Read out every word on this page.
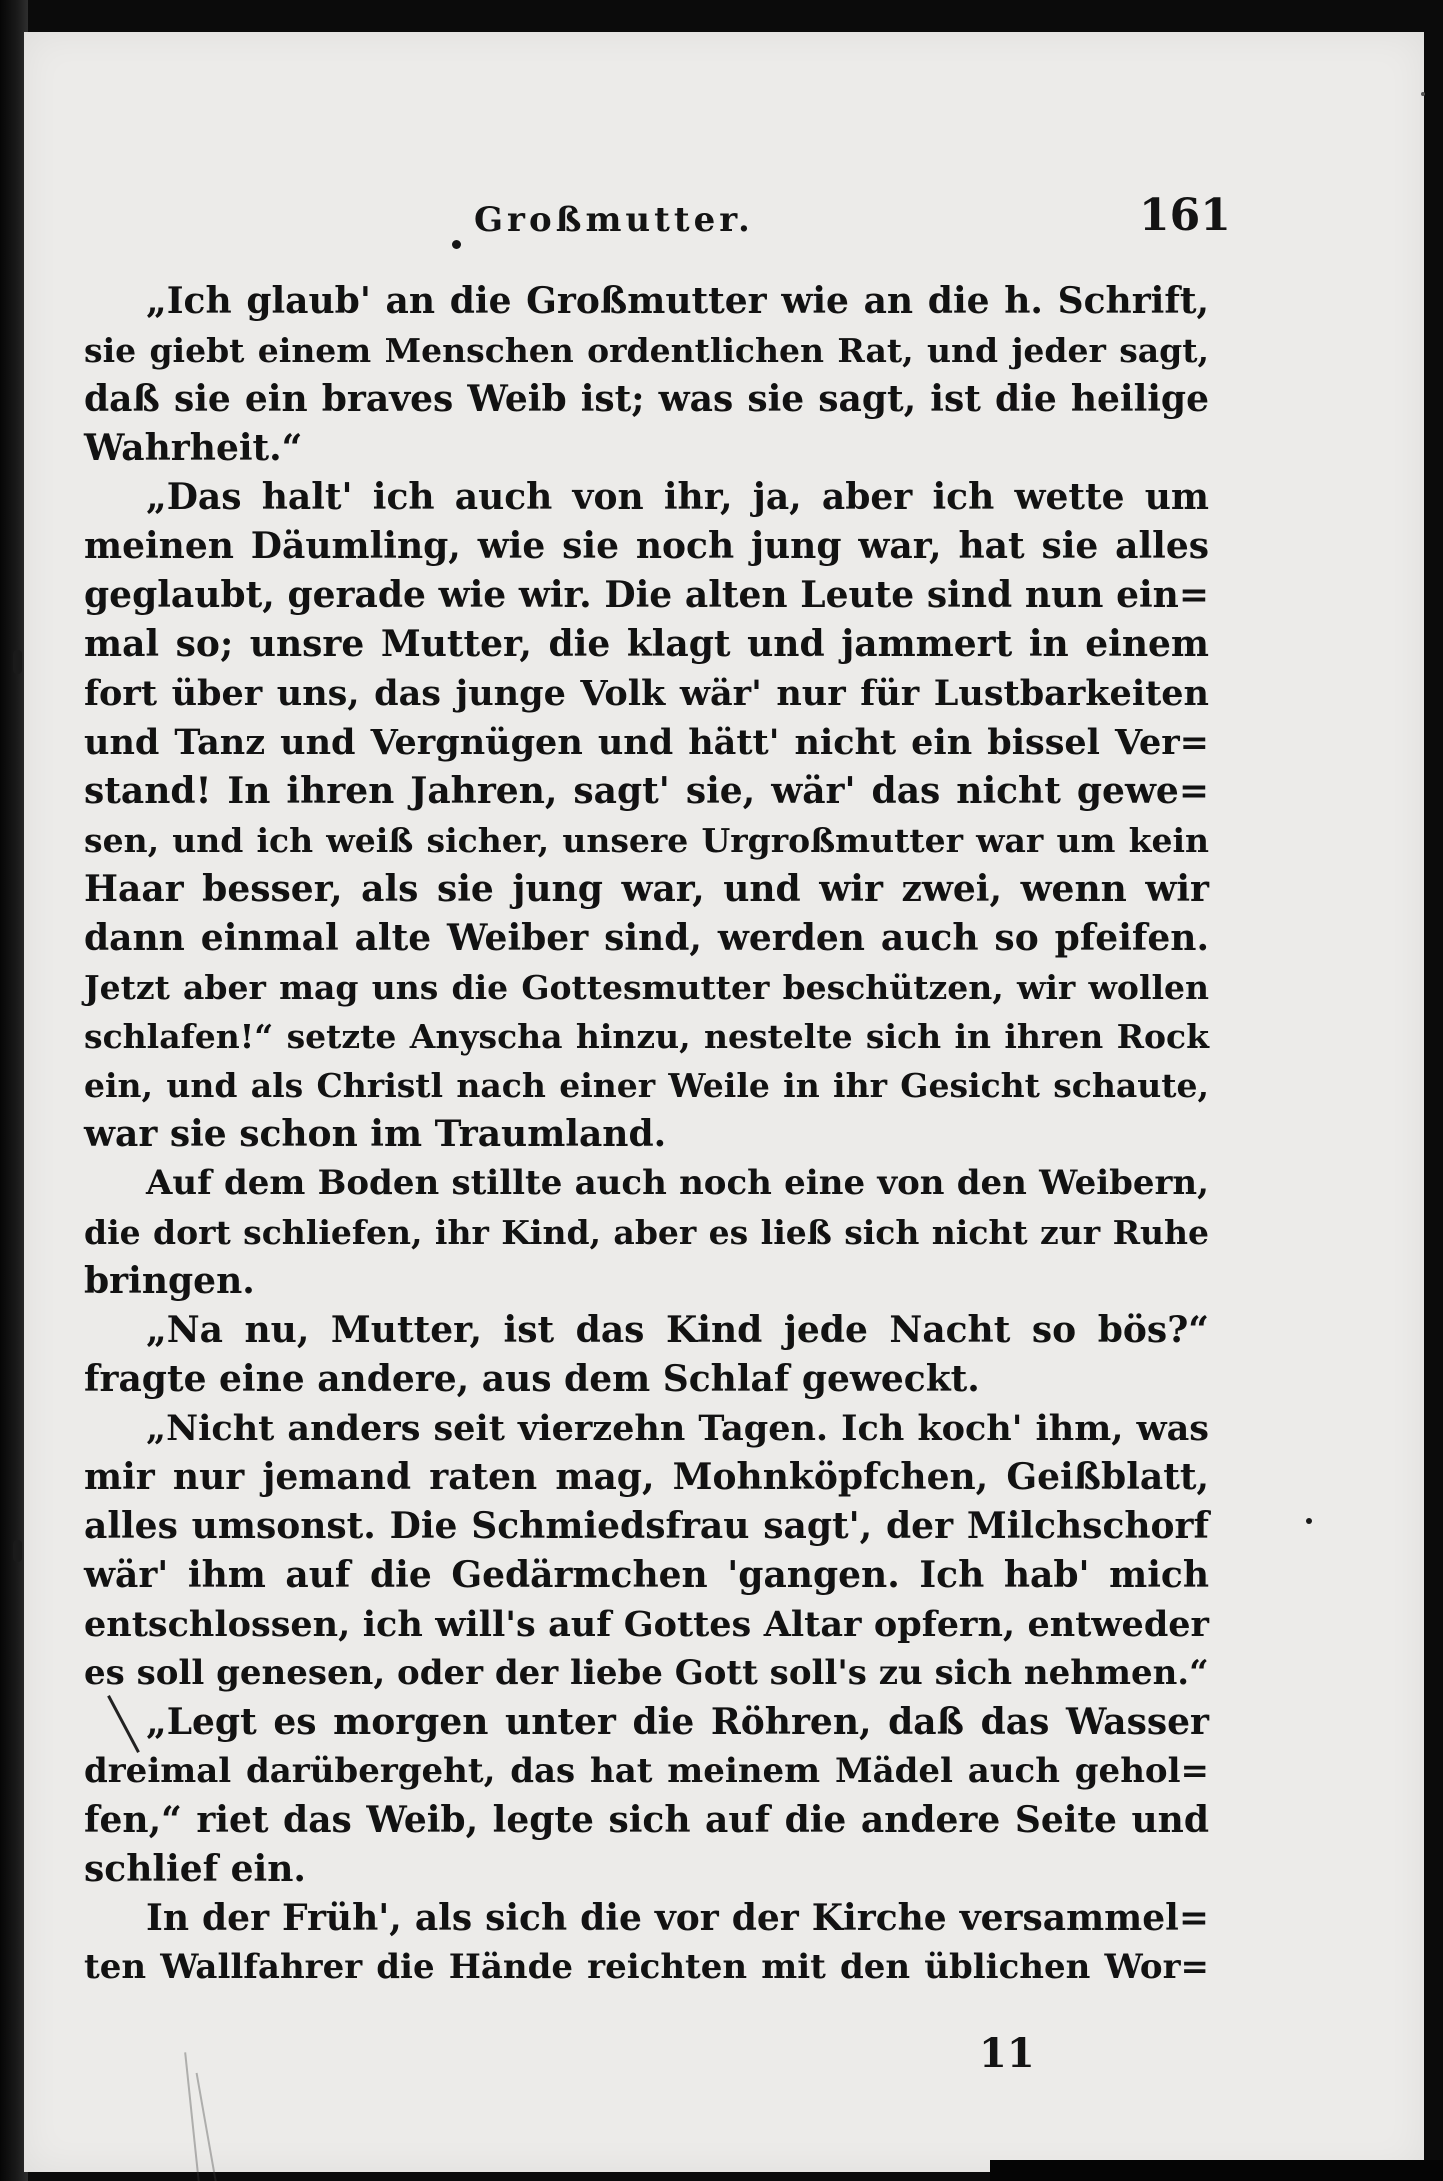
Großmutter.	161
„Ich glaub' an die Großmutter wie an die h. Schrift,
sie giebt einem Menschen ordentlichen Rat, und jeder sagt,
daß sie ein braves Weib ist; was sie sagt, ist die heilige
Wahrheit.“
„Das halt' ich auch von ihr, ja, aber ich wette um
meinen Däumling, wie sie noch jung war, hat sie alles
geglaubt, gerade wie wir. Die alten Leute sind nun ein=
mal so; unsre Mutter, die klagt und jammert in einem
fort über uns, das junge Volk wär' nur für Lustbarkeiten
und Tanz und Vergnügen und hätt' nicht ein bissel Ver=
stand! In ihren Jahren, sagt' sie, wär' das nicht gewe=
sen, und ich weiß sicher, unsere Urgroßmutter war um kein
Haar besser, als sie jung war, und wir zwei, wenn wir
dann einmal alte Weiber sind, werden auch so pfeifen.
Jetzt aber mag uns die Gottesmutter beschützen, wir wollen
schlafen!“ setzte Anyscha hinzu, nestelte sich in ihren Rock
ein, und als Christl nach einer Weile in ihr Gesicht schaute,
war sie schon im Traumland.
Auf dem Boden stillte auch noch eine von den Weibern,
die dort schliefen, ihr Kind, aber es ließ sich nicht zur Ruhe
bringen.
„Na nu, Mutter, ist das Kind jede Nacht so bös?“
fragte eine andere, aus dem Schlaf geweckt.
„Nicht anders seit vierzehn Tagen. Ich koch' ihm, was
mir nur jemand raten mag, Mohnköpfchen, Geißblatt,
alles umsonst. Die Schmiedsfrau sagt', der Milchschorf
wär' ihm auf die Gedärmchen 'gangen. Ich hab' mich
entschlossen, ich will's auf Gottes Altar opfern, entweder
es soll genesen, oder der liebe Gott soll's zu sich nehmen.“
„Legt es morgen unter die Röhren, daß das Wasser
dreimal darübergeht, das hat meinem Mädel auch gehol=
fen,“ riet das Weib, legte sich auf die andere Seite und
schlief ein.
In der Früh', als sich die vor der Kirche versammel=
ten Wallfahrer die Hände reichten mit den üblichen Wor=
11
